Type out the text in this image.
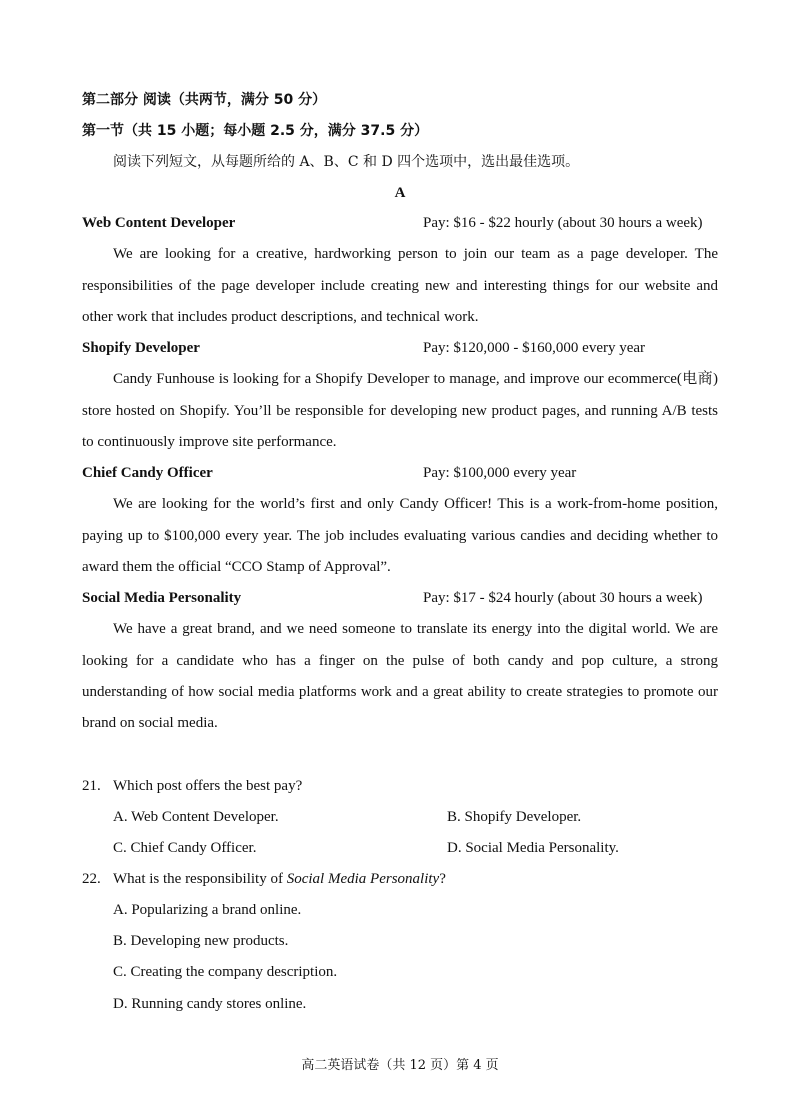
第二部分 阅读（共两节，满分 50 分）
第一节（共 15 小题；每小题 2.5 分，满分 37.5 分）
阅读下列短文，从每题所给的 A、B、C 和 D 四个选项中，选出最佳选项。
A
Web Content Developer	Pay: $16 - $22 hourly (about 30 hours a week)
We are looking for a creative, hardworking person to join our team as a page developer. The
responsibilities of the page developer include creating new and interesting things for our website and
other work that includes product descriptions, and technical work.
Shopify Developer	Pay: $120,000 - $160,000 every year
Candy Funhouse is looking for a Shopify Developer to manage, and improve our ecommerce(电商)
store hosted on Shopify. You’ll be responsible for developing new product pages, and running A/B tests
to continuously improve site performance.
Chief Candy Officer	Pay: $100,000 every year
We are looking for the world’s first and only Candy Officer! This is a work-from-home position,
paying up to $100,000 every year. The job includes evaluating various candies and deciding whether to
award them the official “CCO Stamp of Approval”.
Social Media Personality	Pay: $17 - $24 hourly (about 30 hours a week)
We have a great brand, and we need someone to translate its energy into the digital world. We are
looking for a candidate who has a finger on the pulse of both candy and pop culture, a strong
understanding of how social media platforms work and a great ability to create strategies to promote our
brand on social media.
21. Which post offers the best pay?
A. Web Content Developer.	B. Shopify Developer.
C. Chief Candy Officer.	D. Social Media Personality.
22. What is the responsibility of Social Media Personality?
A. Popularizing a brand online.
B. Developing new products.
C. Creating the company description.
D. Running candy stores online.
高二英语试卷（共 12 页）第 4 页
